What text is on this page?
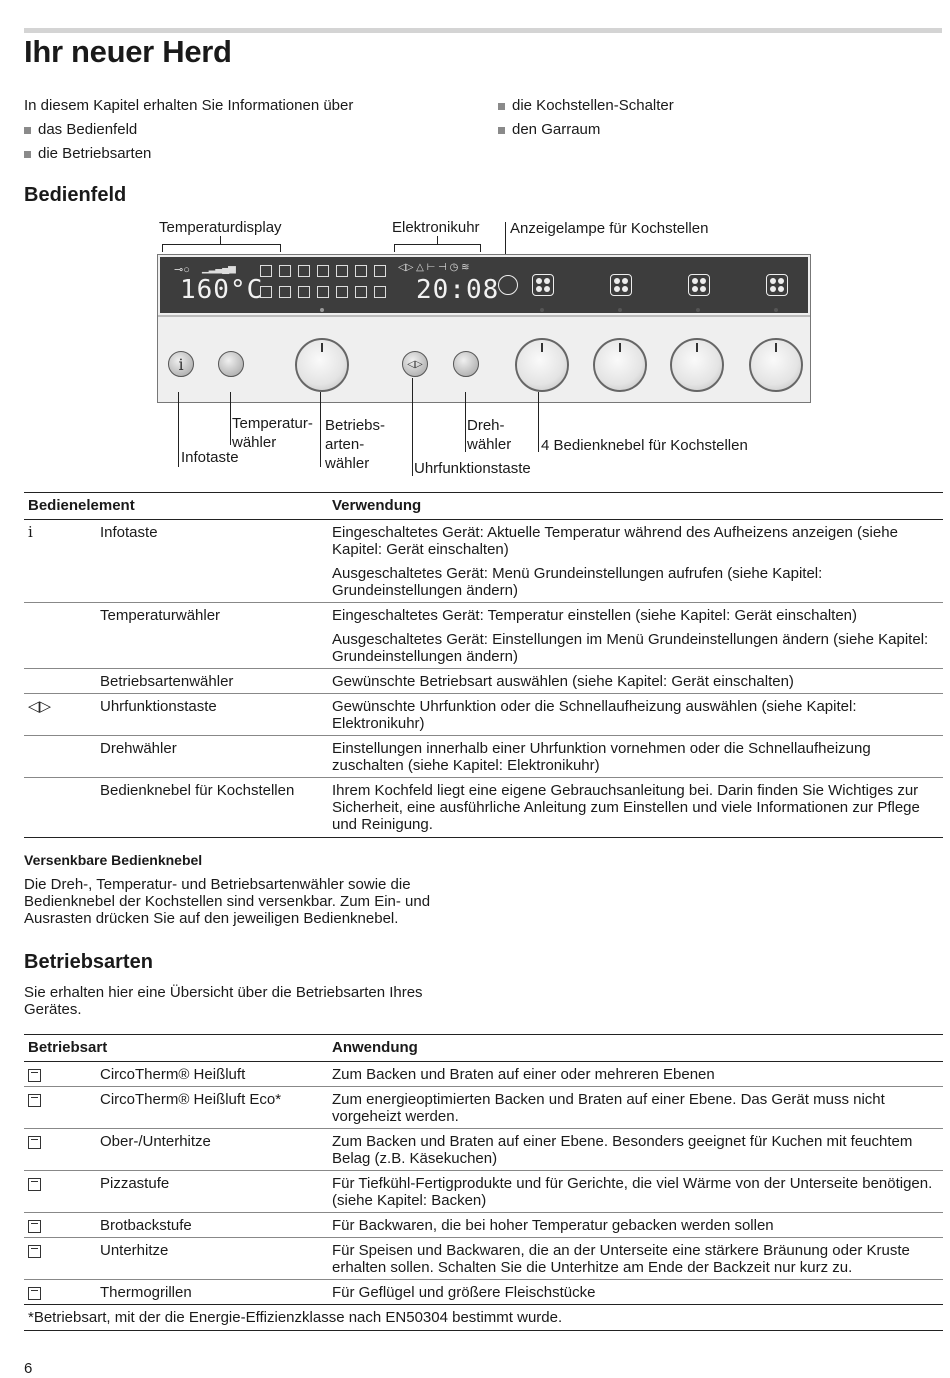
Ihr neuer Herd
In diesem Kapitel erhalten Sie Informationen über
das Bedienfeld
die Betriebsarten
die Kochstellen-Schalter
den Garraum
Bedienfeld
Temperaturdisplay	Elektronikuhr Anzeigelampe für Kochstellen
160°C	20:08
⊸○ ▁▂▃▄▅	◁▷ △ ⊢ ⊣ ◷ ≋
i	◁▷
Infotaste
Temperatur-
wähler
Betriebs-
arten-
wähler	Uhrfunktionstaste
Dreh-
wähler 4 Bedienknebel für Kochstellen
Bedienelement		Verwendung
i	Infotaste	Eingeschaltetes Gerät: Aktuelle Temperatur während des Aufheizens anzeigen (siehe Kapitel: Gerät einschalten)
Ausgeschaltetes Gerät: Menü Grundeinstellungen aufrufen (siehe Kapitel: Grundeinstellungen ändern)

	Temperaturwähler	Eingeschaltetes Gerät: Temperatur einstellen (siehe Kapitel: Gerät einschalten)
Ausgeschaltetes Gerät: Einstellungen im Menü Grundeinstellungen ändern (siehe Kapitel: Grundeinstellungen ändern)

	Betriebsartenwähler	Gewünschte Betriebsart auswählen (siehe Kapitel: Gerät einschalten)
◁▷	Uhrfunktionstaste	Gewünschte Uhrfunktion oder die Schnellaufheizung auswählen (siehe Kapitel: Elektronikuhr)
	Drehwähler	Einstellungen innerhalb einer Uhrfunktion vornehmen oder die Schnellaufheizung zuschalten (siehe Kapitel: Elektronikuhr)
	Bedienknebel für Kochstellen	Ihrem Kochfeld liegt eine eigene Gebrauchsanleitung bei. Darin finden Sie Wichtiges zur Sicherheit, eine ausführliche Anleitung zum Einstellen und viele Informationen zur Pflege und Reinigung.
Versenkbare Bedienknebel
Die Dreh-, Temperatur- und Betriebsartenwähler sowie die Bedienknebel der Kochstellen sind versenkbar. Zum Ein- und Ausrasten drücken Sie auf den jeweiligen Bedienknebel.
Betriebsarten
Sie erhalten hier eine Übersicht über die Betriebsarten Ihres Gerätes.
Betriebsart		Anwendung
	CircoTherm® Heißluft	Zum Backen und Braten auf einer oder mehreren Ebenen
	CircoTherm® Heißluft Eco*	Zum energieoptimierten Backen und Braten auf einer Ebene. Das Gerät muss nicht vorgeheizt werden.
	Ober-/Unterhitze	Zum Backen und Braten auf einer Ebene. Besonders geeignet für Kuchen mit feuchtem Belag (z.B. Käsekuchen)
	Pizzastufe	Für Tiefkühl-Fertigprodukte und für Gerichte, die viel Wärme von der Unterseite benötigen. (siehe Kapitel: Backen)
	Brotbackstufe	Für Backwaren, die bei hoher Temperatur gebacken werden sollen
	Unterhitze	Für Speisen und Backwaren, die an der Unterseite eine stärkere Bräunung oder Kruste erhalten sollen. Schalten Sie die Unterhitze am Ende der Backzeit nur kurz zu.
	Thermogrillen	Für Geflügel und größere Fleischstücke
*Betriebsart, mit der die Energie-Effizienzklasse nach EN50304 bestimmt wurde.		
6
